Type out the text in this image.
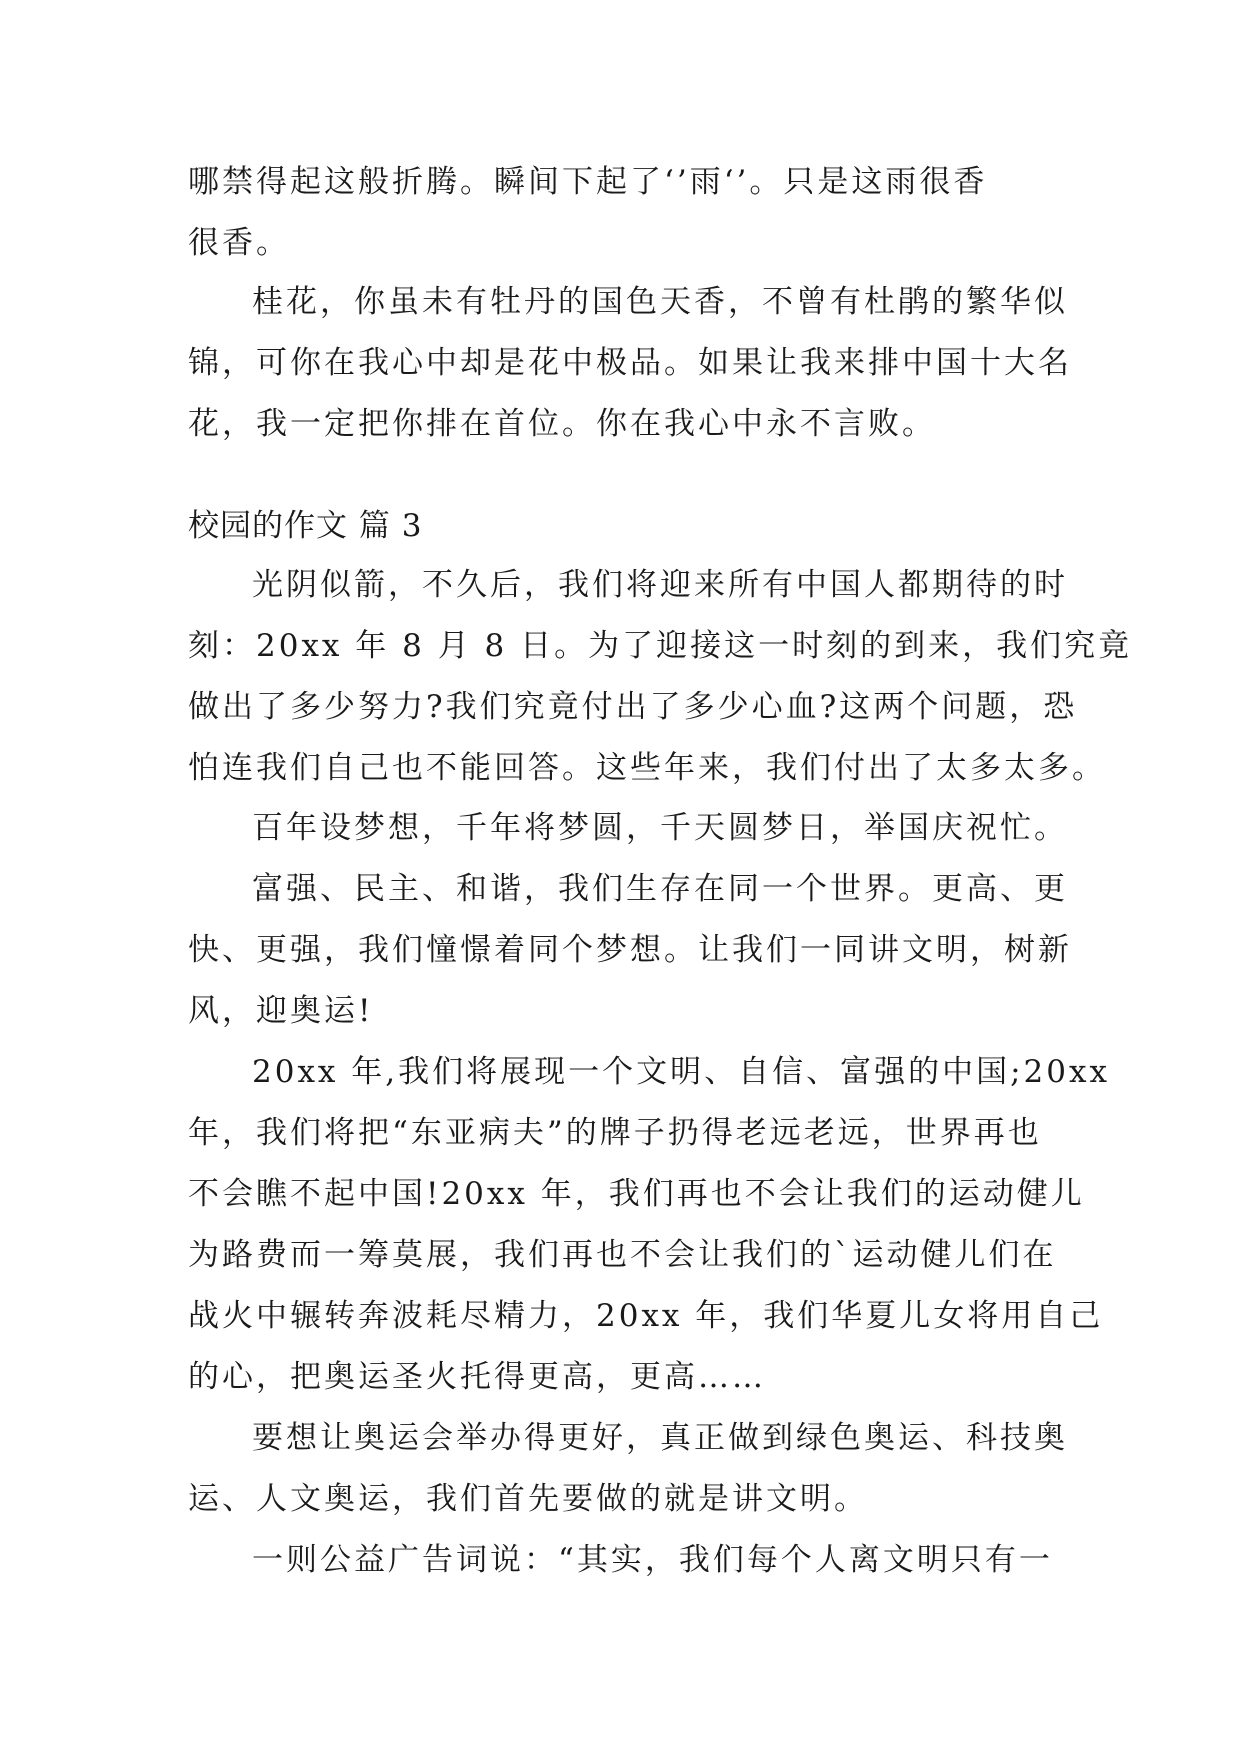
哪禁得起这般折腾。瞬间下起了‘’雨‘’。只是这雨很香
很香。
桂花，你虽未有牡丹的国色天香，不曾有杜鹃的繁华似
锦，可你在我心中却是花中极品。如果让我来排中国十大名
花，我一定把你排在首位。你在我心中永不言败。
校园的作文 篇 3
光阴似箭，不久后，我们将迎来所有中国人都期待的时
刻：20xx 年 8 月 8 日。为了迎接这一时刻的到来，我们究竟
做出了多少努力?我们究竟付出了多少心血?这两个问题，恐
怕连我们自己也不能回答。这些年来，我们付出了太多太多。
百年设梦想，千年将梦圆，千天圆梦日，举国庆祝忙。
富强、民主、和谐，我们生存在同一个世界。更高、更
快、更强，我们憧憬着同个梦想。让我们一同讲文明，树新
风，迎奥运!
20xx 年,我们将展现一个文明、自信、富强的中国;20xx
年，我们将把“东亚病夫”的牌子扔得老远老远，世界再也
不会瞧不起中国!20xx 年，我们再也不会让我们的运动健儿
为路费而一筹莫展，我们再也不会让我们的`运动健儿们在
战火中辗转奔波耗尽精力，20xx 年，我们华夏儿女将用自己
的心，把奥运圣火托得更高，更高……
要想让奥运会举办得更好，真正做到绿色奥运、科技奥
运、人文奥运，我们首先要做的就是讲文明。
一则公益广告词说：“其实，我们每个人离文明只有一
